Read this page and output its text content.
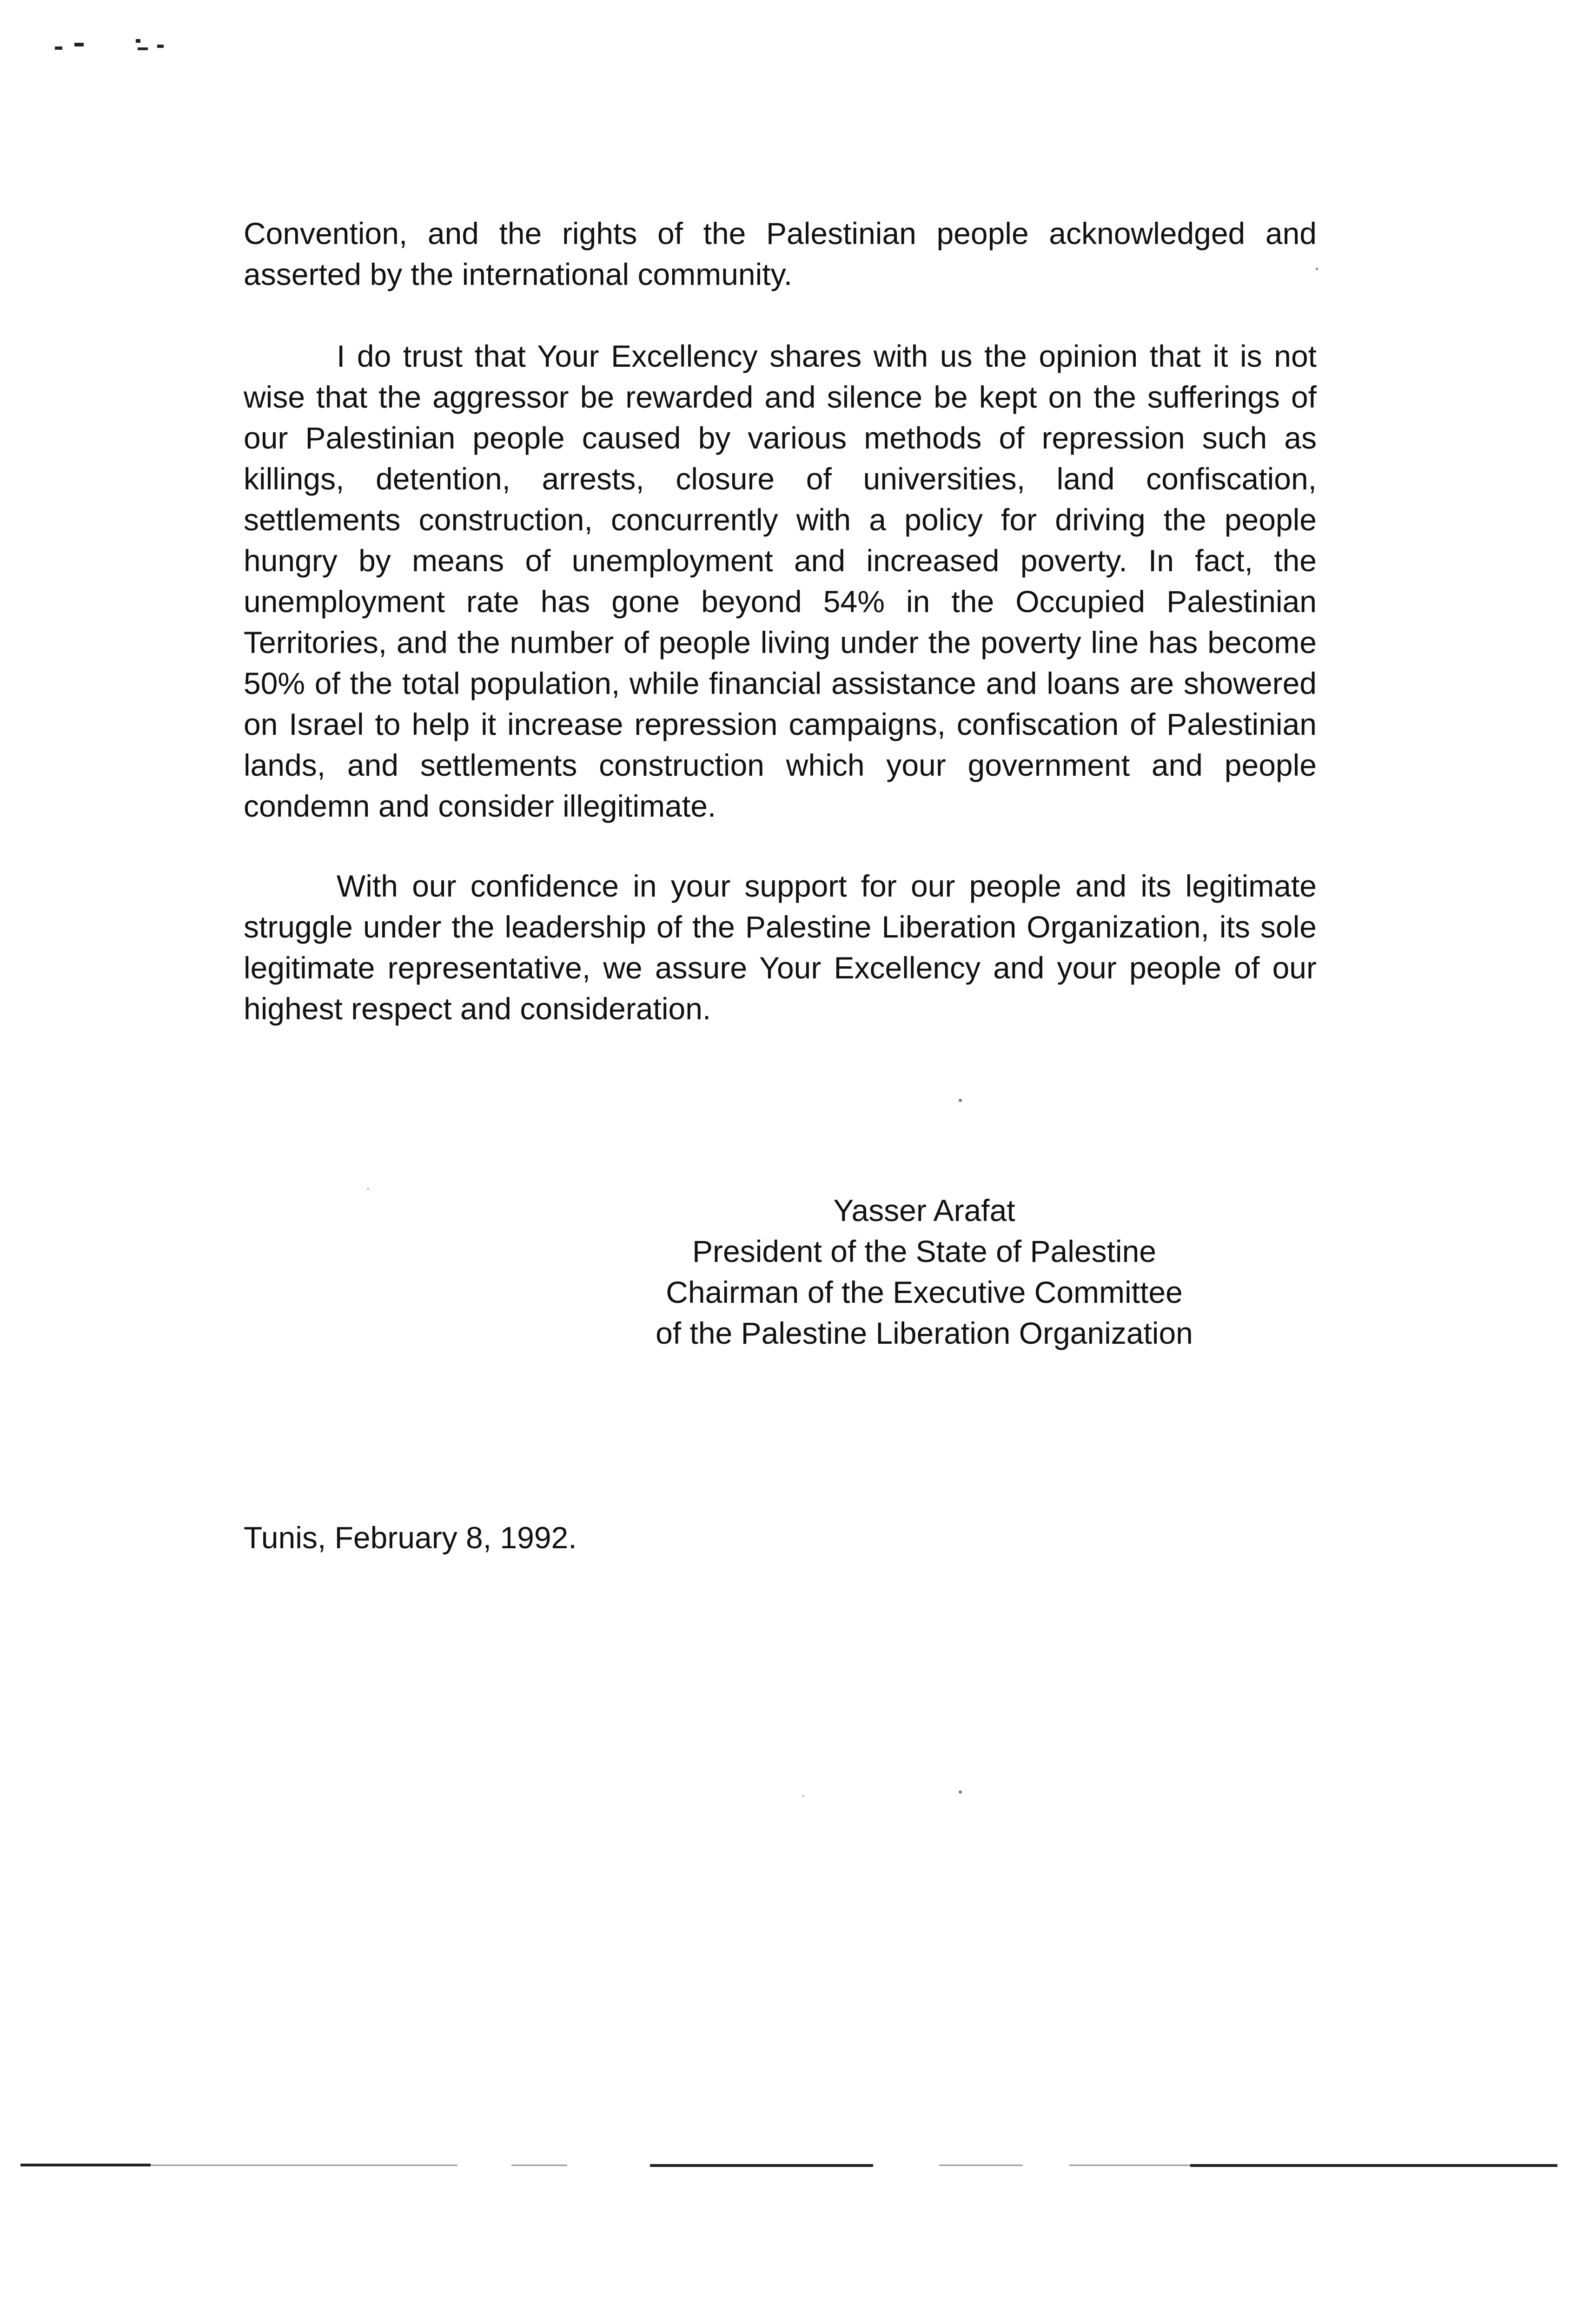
Convention, and the rights of the Palestinian people acknowledged and asserted by the international community.

I do trust that Your Excellency shares with us the opinion that it is not wise that the aggressor be rewarded and silence be kept on the sufferings of our Palestinian people caused by various methods of repression such as killings, detention, arrests, closure of universities, land confiscation, settlements construction, concurrently with a policy for driving the people hungry by means of unemployment and increased poverty. In fact, the unemployment rate has gone beyond 54% in the Occupied Palestinian Territories, and the number of people living under the poverty line has become 50% of the total population, while financial assistance and loans are showered on Israel to help it increase repression campaigns, confiscation of Palestinian lands, and settlements construction which your government and people condemn and consider illegitimate.

With our confidence in your support for our people and its legitimate struggle under the leadership of the Palestine Liberation Organization, its sole legitimate representative, we assure Your Excellency and your people of our highest respect and consideration.

Yasser Arafat
President of the State of Palestine
Chairman of the Executive Committee
of the Palestine Liberation Organization
Tunis, February 8, 1992.
